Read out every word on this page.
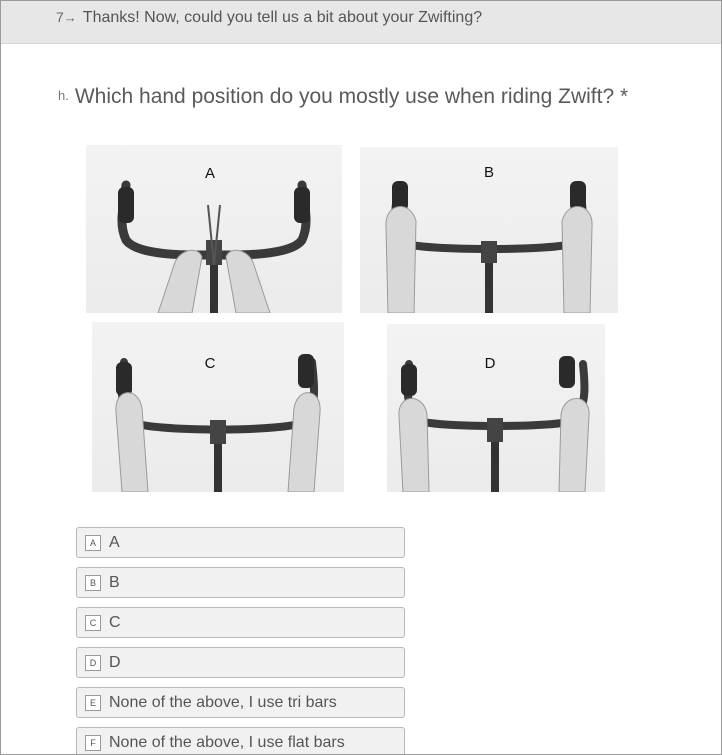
7→ Thanks! Now, could you tell us a bit about your Zwifting?
h. Which hand position do you mostly use when riding Zwift? *
A	B
C	D
A A
B B
C C
D D
E None of the above, I use tri bars
F None of the above, I use flat bars
